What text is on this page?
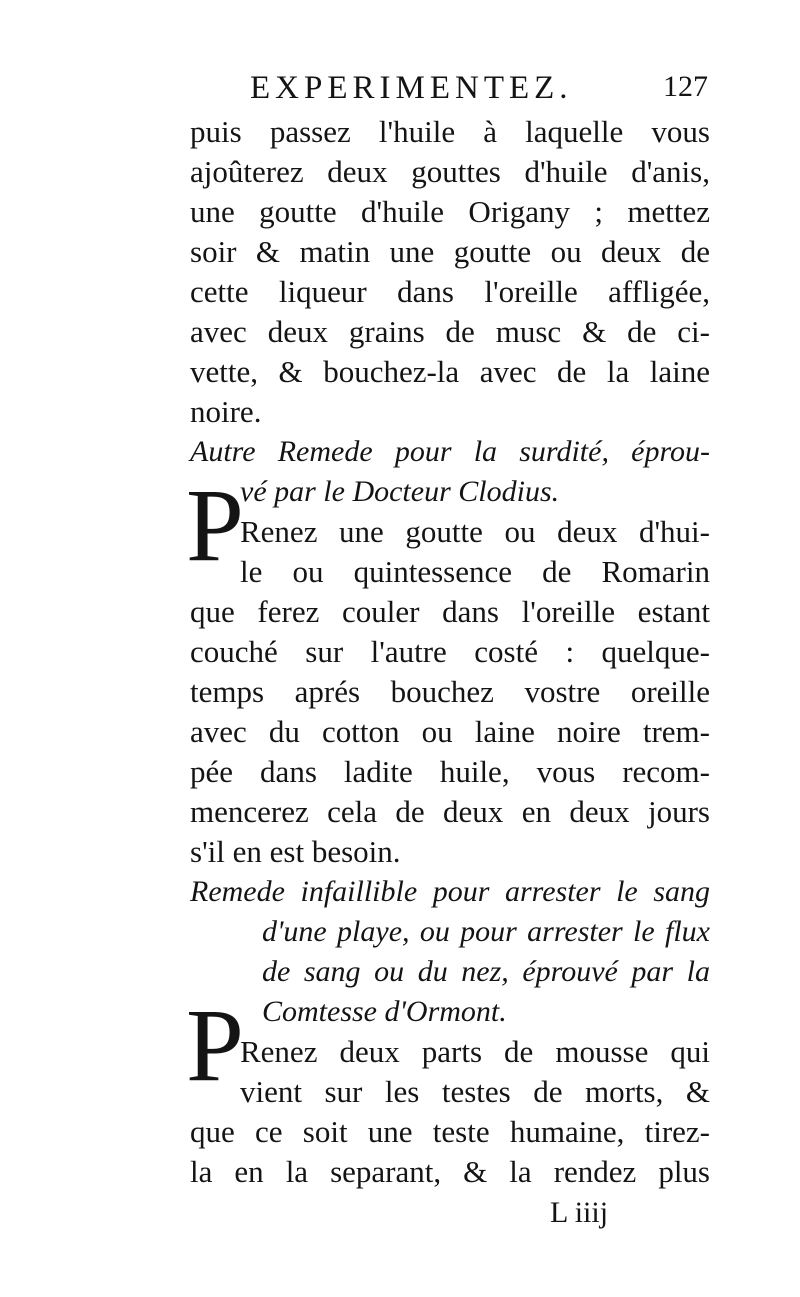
EXPERIMENTEZ.	127
puis passez l'huile à laquelle vous
ajoûterez deux gouttes d'huile d'anis,
une goutte d'huile Origany ; mettez
soir & matin une goutte ou deux de
cette liqueur dans l'oreille affligée,
avec deux grains de musc & de ci-
vette, & bouchez-la avec de la laine
noire.
Autre Remede pour la surdité, éprou-
vé par le Docteur Clodius.
P
Renez une goutte ou deux d'hui-
le ou quintessence de Romarin
que ferez couler dans l'oreille estant
couché sur l'autre costé : quelque-
temps aprés bouchez vostre oreille
avec du cotton ou laine noire trem-
pée dans ladite huile, vous recom-
mencerez cela de deux en deux jours
s'il en est besoin.
Remede infaillible pour arrester le sang
d'une playe, ou pour arrester le flux
de sang ou du nez, éprouvé par la
Comtesse d'Ormont.
P
Renez deux parts de mousse qui
vient sur les testes de morts, &
que ce soit une teste humaine, tirez-
la en la separant, & la rendez plus
L iiij
